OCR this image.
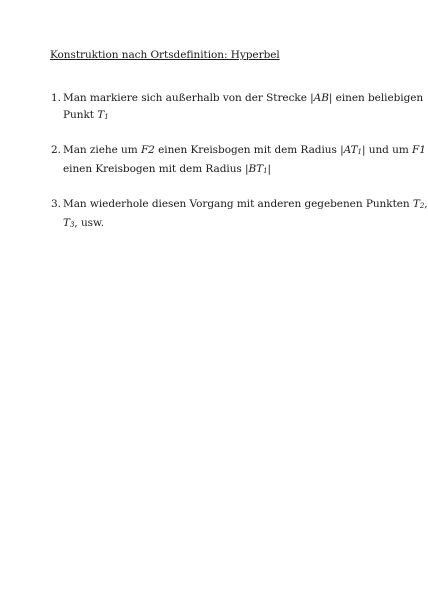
Konstruktion nach Ortsdefinition: Hyperbel
1. Man markiere sich außerhalb von der Strecke |AB| einen beliebigen
Punkt T1
2. Man ziehe um F2 einen Kreisbogen mit dem Radius |AT1| und um F1
einen Kreisbogen mit dem Radius |BT1|
3. Man wiederhole diesen Vorgang mit anderen gegebenen Punkten T2,
T3, usw.
